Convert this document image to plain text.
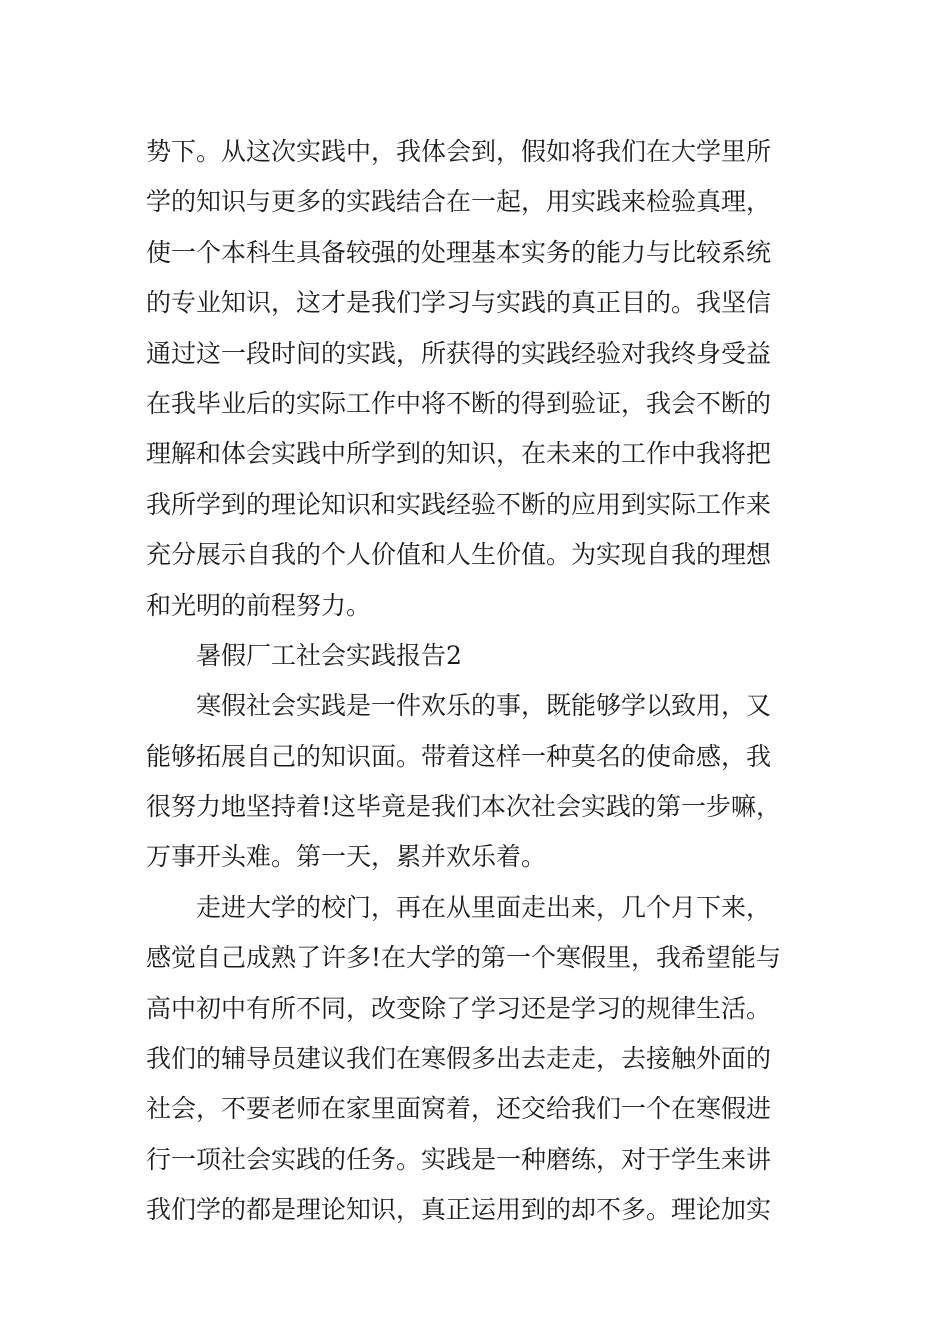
势下。从这次实践中，我体会到，假如将我们在大学里所
学的知识与更多的实践结合在一起，用实践来检验真理，
使一个本科生具备较强的处理基本实务的能力与比较系统
的专业知识，这才是我们学习与实践的真正目的。我坚信
通过这一段时间的实践，所获得的实践经验对我终身受益
在我毕业后的实际工作中将不断的得到验证，我会不断的
理解和体会实践中所学到的知识，在未来的工作中我将把
我所学到的理论知识和实践经验不断的应用到实际工作来
充分展示自我的个人价值和人生价值。为实现自我的理想
和光明的前程努力。
暑假厂工社会实践报告2
寒假社会实践是一件欢乐的事，既能够学以致用，又
能够拓展自己的知识面。带着这样一种莫名的使命感，我
很努力地坚持着!这毕竟是我们本次社会实践的第一步嘛，
万事开头难。第一天，累并欢乐着。
走进大学的校门，再在从里面走出来，几个月下来，
感觉自己成熟了许多!在大学的第一个寒假里，我希望能与
高中初中有所不同，改变除了学习还是学习的规律生活。
我们的辅导员建议我们在寒假多出去走走，去接触外面的
社会，不要老师在家里面窝着，还交给我们一个在寒假进
行一项社会实践的任务。实践是一种磨练，对于学生来讲
我们学的都是理论知识，真正运用到的却不多。理论加实
